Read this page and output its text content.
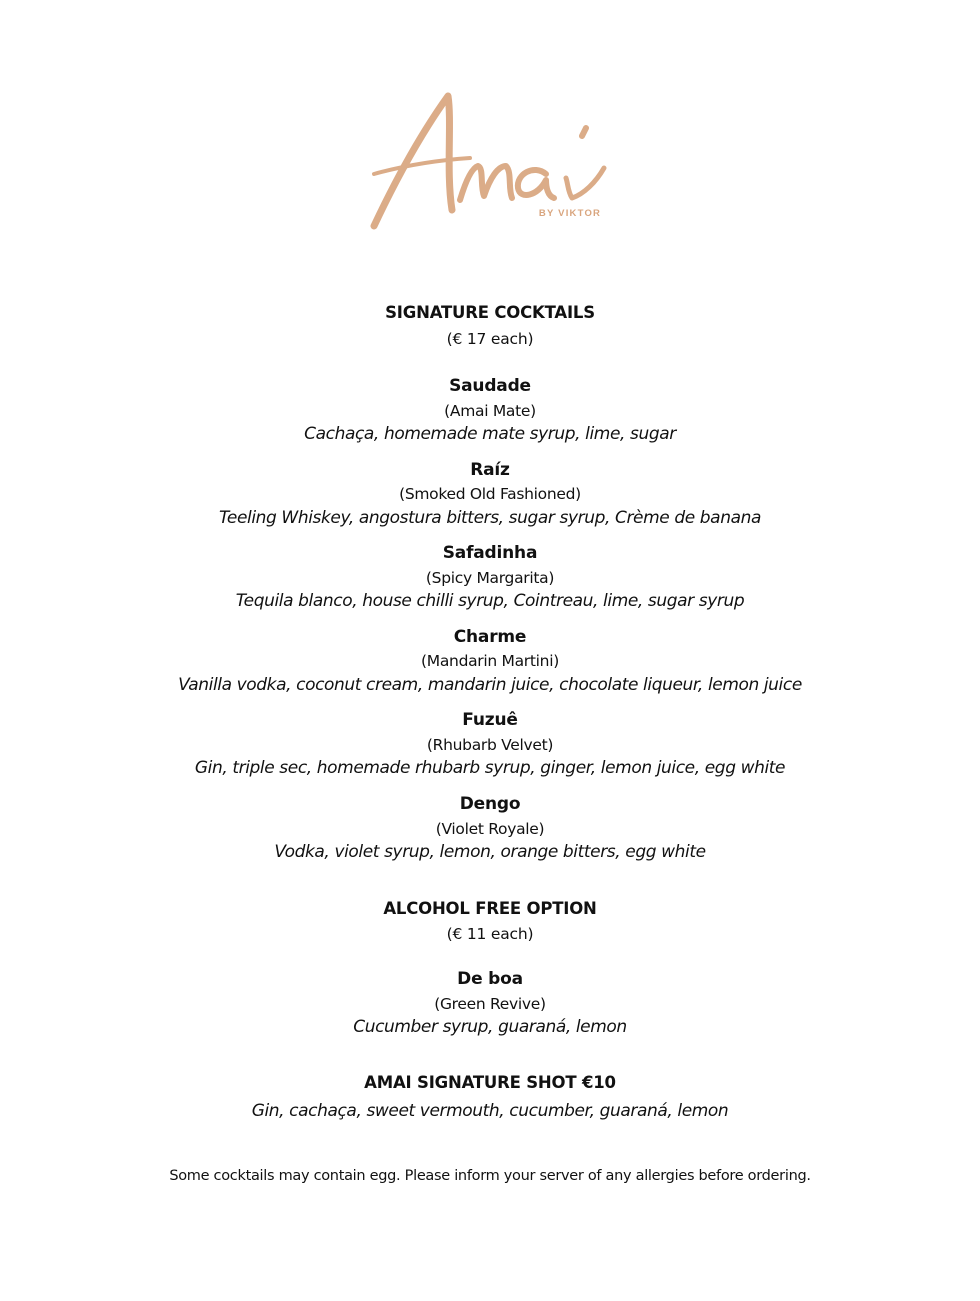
BY VIKTOR
SIGNATURE COCKTAILS
(€ 17 each)
Saudade
(Amai Mate)
Cachaça, homemade mate syrup, lime, sugar
Raíz
(Smoked Old Fashioned)
Teeling Whiskey, angostura bitters, sugar syrup, Crème de banana
Safadinha
(Spicy Margarita)
Tequila blanco, house chilli syrup, Cointreau, lime, sugar syrup
Charme
(Mandarin Martini)
Vanilla vodka, coconut cream, mandarin juice, chocolate liqueur, lemon juice
Fuzuê
(Rhubarb Velvet)
Gin, triple sec, homemade rhubarb syrup, ginger, lemon juice, egg white
Dengo
(Violet Royale)
Vodka, violet syrup, lemon, orange bitters, egg white
ALCOHOL FREE OPTION
(€ 11 each)
De boa
(Green Revive)
Cucumber syrup, guaraná, lemon
AMAI SIGNATURE SHOT €10
Gin, cachaça, sweet vermouth, cucumber, guaraná, lemon
Some cocktails may contain egg. Please inform your server of any allergies before ordering.
